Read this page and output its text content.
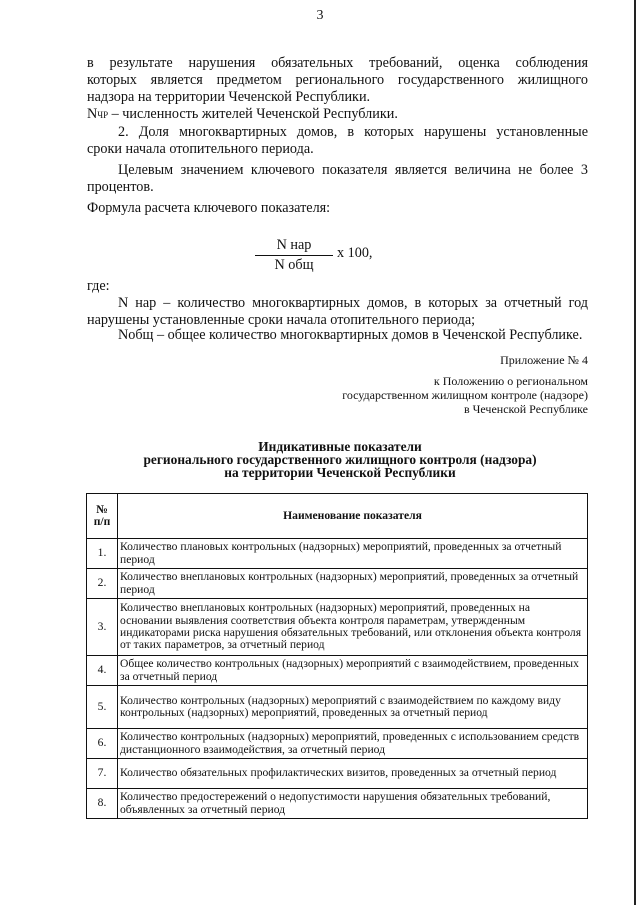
3
в результате нарушения обязательных требований, оценка соблюдения
которых является предметом регионального государственного жилищного
надзора на территории Чеченской Республики.
NЧР – численность жителей Чеченской Республики.
2. Доля многоквартирных домов, в которых нарушены установленные
сроки начала отопительного периода.
Целевым значением ключевого показателя является величина не более 3
процентов.
Формула расчета ключевого показателя:
N нар
N общ
x 100,
где:
N нар – количество многоквартирных домов, в которых за отчетный год
нарушены установленные сроки начала отопительного периода;
Nобщ – общее количество многоквартирных домов в Чеченской Республике.
Приложение № 4
к Положению о региональном
государственном жилищном контроле (надзоре)
в Чеченской Республике
Индикативные показатели
регионального государственного жилищного контроля (надзора)
на территории Чеченской Республики
№
п/п	Наименование показателя
1.	Количество плановых контрольных (надзорных) мероприятий, проведенных за отчетный период
2.	Количество внеплановых контрольных (надзорных) мероприятий, проведенных за отчетный период
3.	Количество внеплановых контрольных (надзорных) мероприятий, проведенных на основании выявления соответствия объекта контроля параметрам, утвержденным индикаторами риска нарушения обязательных требований, или отклонения объекта контроля от таких параметров, за отчетный период
4.	Общее количество контрольных (надзорных) мероприятий с взаимодействием, проведенных за отчетный период
5.	Количество контрольных (надзорных) мероприятий с взаимодействием по каждому виду контрольных (надзорных) мероприятий, проведенных за отчетный период
6.	Количество контрольных (надзорных) мероприятий, проведенных с использованием средств дистанционного взаимодействия, за отчетный период
7.	Количество обязательных профилактических визитов, проведенных за отчетный период
8.	Количество предостережений о недопустимости нарушения обязательных требований, объявленных за отчетный период
